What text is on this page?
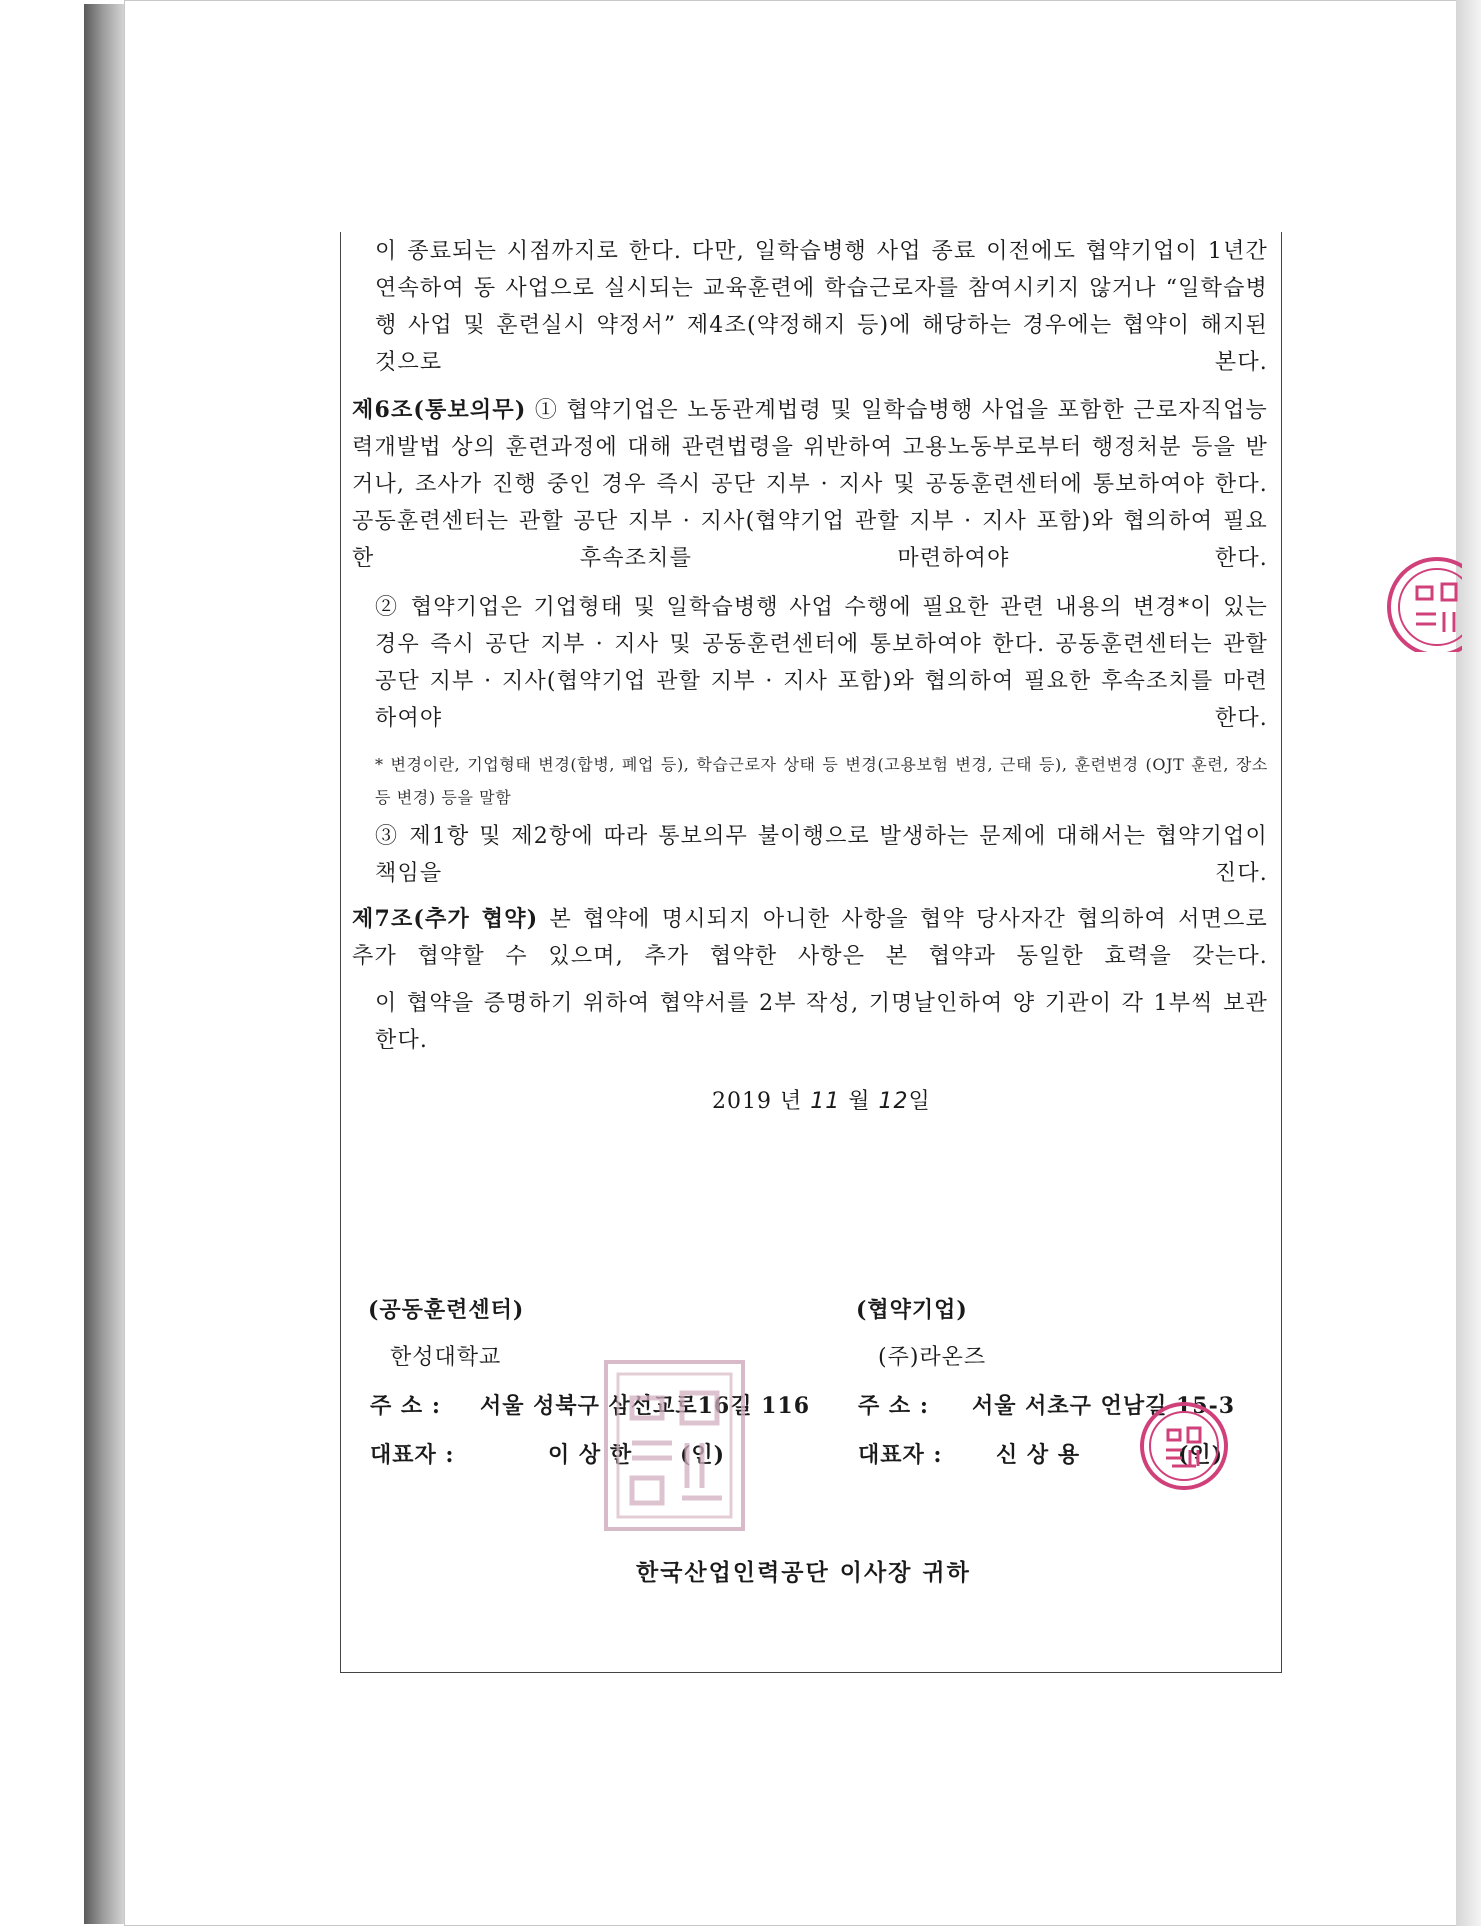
이 종료되는 시점까지로 한다. 다만, 일학습병행 사업 종료 이전에도 협약기업이 1년간 연속하여 동 사업으로 실시되는 교육훈련에 학습근로자를 참여시키지 않거나 “일학습병행 사업 및 훈련실시 약정서” 제4조(약정해지 등)에 해당하는 경우에는 협약이 해지된 것으로 본다.
제6조(통보의무) ① 협약기업은 노동관계법령 및 일학습병행 사업을 포함한 근로자직업능력개발법 상의 훈련과정에 대해 관련법령을 위반하여 고용노동부로부터 행정처분 등을 받거나, 조사가 진행 중인 경우 즉시 공단 지부 · 지사 및 공동훈련센터에 통보하여야 한다. 공동훈련센터는 관할 공단 지부 · 지사(협약기업 관할 지부 · 지사 포함)와 협의하여 필요한 후속조치를 마련하여야 한다.
② 협약기업은 기업형태 및 일학습병행 사업 수행에 필요한 관련 내용의 변경*이 있는 경우 즉시 공단 지부 · 지사 및 공동훈련센터에 통보하여야 한다. 공동훈련센터는 관할 공단 지부 · 지사(협약기업 관할 지부 · 지사 포함)와 협의하여 필요한 후속조치를 마련하여야 한다.
* 변경이란, 기업형태 변경(합병, 폐업 등), 학습근로자 상태 등 변경(고용보험 변경, 근태 등), 훈련변경 (OJT 훈련, 장소 등 변경) 등을 말함
③ 제1항 및 제2항에 따라 통보의무 불이행으로 발생하는 문제에 대해서는 협약기업이 책임을 진다.
제7조(추가 협약) 본 협약에 명시되지 아니한 사항을 협약 당사자간 협의하여 서면으로 추가 협약할 수 있으며, 추가 협약한 사항은 본 협약과 동일한 효력을 갖는다.
이 협약을 증명하기 위하여 협약서를 2부 작성, 기명날인하여 양 기관이 각 1부씩 보관한다.
2019 년 11 월 12일
(공동훈련센터)
한성대학교
주 소 : 서울 성북구 삼선교로16길 116
대표자 :	이 상 한 (인)
(협약기업)
(주)라온즈
주 소 : 서울 서초구 언남길 15-3
대표자 : 신 상 용	(인)
한국산업인력공단 이사장 귀하
